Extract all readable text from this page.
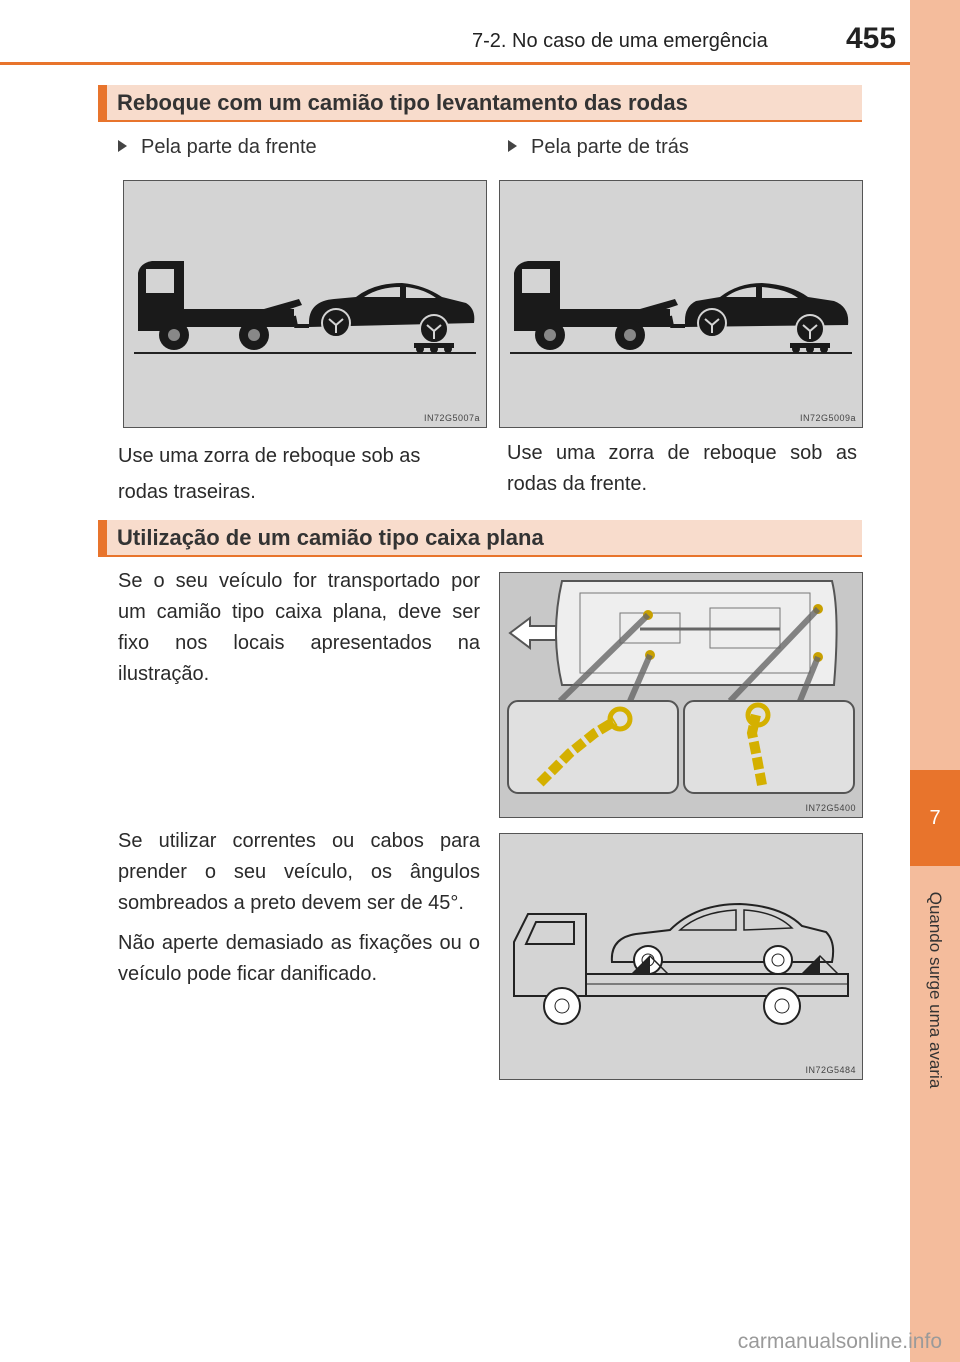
7
Quando surge uma avaria
7-2. No caso de uma emergência	455
Reboque com um camião tipo levantamento das rodas
Pela parte da frente	Pela parte de trás
IN72G5007a	IN72G5009a
Use uma zorra de reboque sob as rodas traseiras.
Use uma zorra de reboque sob as rodas da frente.
Utilização de um camião tipo caixa plana
Se o seu veículo for transportado por um camião tipo caixa plana, deve ser fixo nos locais apresentados na ilustração.
IN72G5400
Se utilizar correntes ou cabos para prender o seu veículo, os ângulos sombreados a preto devem ser de 45°.
Não aperte demasiado as fixações ou o veículo pode ficar danificado.
IN72G5484
carmanualsonline.info
